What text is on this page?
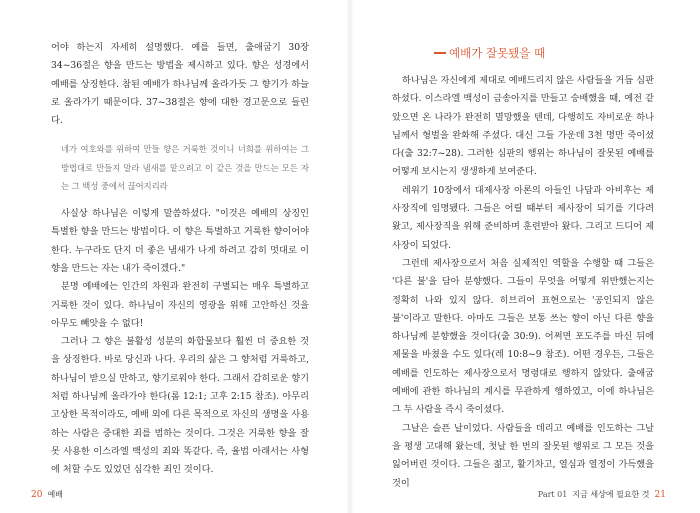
어야 하는지 자세히 설명했다. 예를 들면, 출애굽기 30장 34~36절은 향을 만드는 방법을 제시하고 있다. 향은 성경에서 예배를 상징한다. 참된 예배가 하나님께 올라가듯 그 향기가 하늘로 올라가기 때문이다. 37~38절은 향에 대한 경고문으로 들린다.

네가 여호와를 위하여 만들 향은 거룩한 것이니 너희를 위하여는 그 방법대로 만들지 말라 냄새를 맡으려고 이 같은 것을 만드는 모든 자는 그 백성 중에서 끊어지리라

사실상 하나님은 이렇게 말씀하셨다. "이것은 예배의 상징인 특별한 향을 만드는 방법이다. 이 향은 특별하고 거룩한 향이어야 한다. 누구라도 단지 더 좋은 냄새가 나게 하려고 감히 멋대로 이 향을 만드는 자는 내가 죽이겠다."

분명 예배에는 인간의 차원과 완전히 구별되는 매우 특별하고 거룩한 것이 있다. 하나님이 자신의 영광을 위해 고안하신 것을 아무도 빼앗을 수 없다!

그러나 그 향은 불활성 성분의 화합물보다 훨씬 더 중요한 것을 상징한다. 바로 당신과 나다. 우리의 삶은 그 향처럼 거룩하고, 하나님이 받으실 만하고, 향기로워야 한다. 그래서 감히로운 향기처럼 하나님께 올라가야 한다(롬 12:1; 고후 2:15 참조). 아무리 고상한 목적이라도, 예배 외에 다른 목적으로 자신의 생명을 사용하는 사람은 중대한 죄를 범하는 것이다. 그것은 거룩한 향을 잘못 사용한 이스라엘 백성의 죄와 똑같다. 즉, 율법 아래서는 사형에 처할 수도 있었던 심각한 죄인 것이다.

20 예배
예배가 잘못됐을 때

하나님은 자신에게 제대로 예배드리지 않은 사람들을 거듭 심판하셨다. 이스라엘 백성이 금송아지를 만들고 숭배했을 때, 예전 같았으면 온 나라가 완전히 멸망했을 텐데, 다행히도 자비로운 하나님께서 형벌을 완화해 주셨다. 대신 그들 가운데 3천 명만 죽이셨다(출 32:7~28). 그러한 심판의 행위는 하나님이 잘못된 예배를 어떻게 보시는지 생생하게 보여준다.

레위기 10장에서 대제사장 아론의 아들인 나답과 아비후는 제사장직에 임명됐다. 그들은 어릴 때부터 제사장이 되기를 기다려 왔고, 제사장직을 위해 준비하며 훈련받아 왔다. 그리고 드디어 제사장이 되었다.

그런데 제사장으로서 처음 실제적인 역할을 수행할 때 그들은 '다른 불'을 담아 분향했다. 그들이 무엇을 어떻게 위반했는지는 정확히 나와 있지 않다. 히브리어 표현으로는 '공인되지 않은 불'이라고 말한다. 아마도 그들은 보통 쓰는 향이 아닌 다른 향을 하나님께 분향했을 것이다(출 30:9). 어쩌면 포도주를 마신 뒤에 제물을 바쳤을 수도 있다(레 10:8~9 참조). 어떤 경우든, 그들은 예배를 인도하는 제사장으로서 명령대로 행하지 않았다. 출애굽 예배에 관한 하나님의 계시를 무관하게 행하였고, 이에 하나님은 그 두 사람을 즉시 죽이셨다.

그날은 슬픈 날이었다. 사람들을 데리고 예배를 인도하는 그날을 평생 고대해 왔는데, 첫날 한 번의 잘못된 행위로 그 모든 것을 잃어버린 것이다. 그들은 젊고, 활기차고, 열심과 열정이 가득했을 것이

Part 01 지금 세상에 필요한 것 21
